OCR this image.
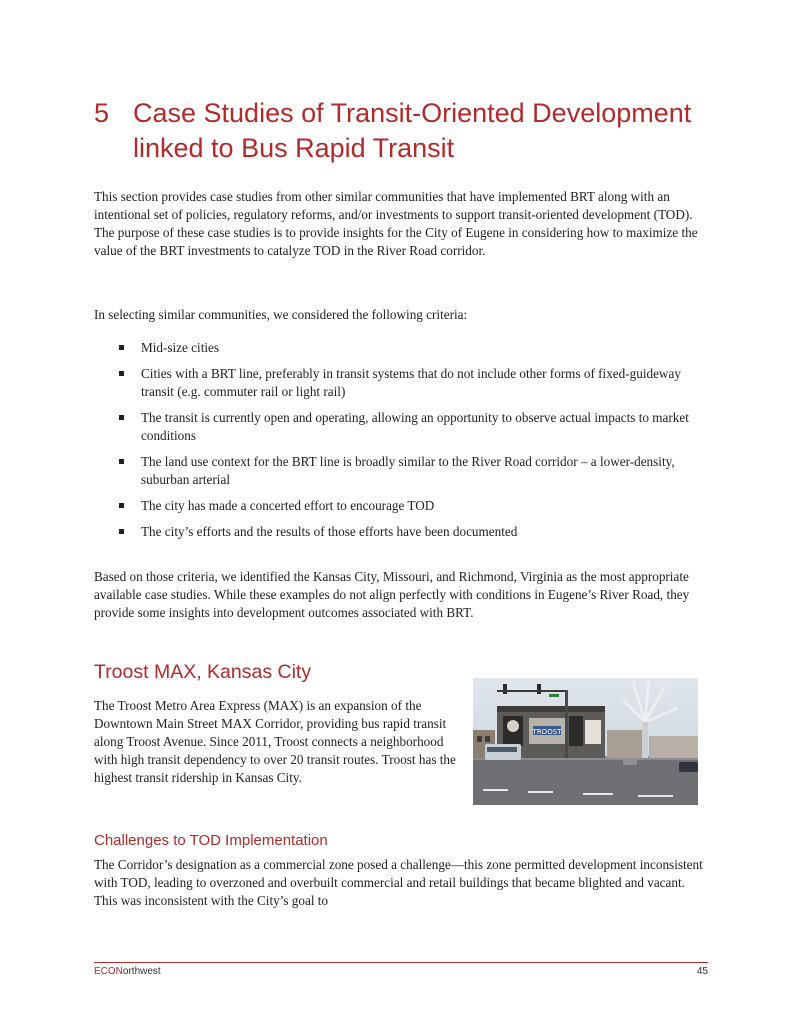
5 Case Studies of Transit-Oriented Development linked to Bus Rapid Transit

This section provides case studies from other similar communities that have implemented BRT along with an intentional set of policies, regulatory reforms, and/or investments to support transit-oriented development (TOD). The purpose of these case studies is to provide insights for the City of Eugene in considering how to maximize the value of the BRT investments to catalyze TOD in the River Road corridor.

In selecting similar communities, we considered the following criteria:

Mid-size cities
Cities with a BRT line, preferably in transit systems that do not include other forms of fixed-guideway transit (e.g. commuter rail or light rail)
The transit is currently open and operating, allowing an opportunity to observe actual impacts to market conditions
The land use context for the BRT line is broadly similar to the River Road corridor – a lower-density, suburban arterial
The city has made a concerted effort to encourage TOD
The city’s efforts and the results of those efforts have been documented

Based on those criteria, we identified the Kansas City, Missouri, and Richmond, Virginia as the most appropriate available case studies. While these examples do not align perfectly with conditions in Eugene’s River Road, they provide some insights into development outcomes associated with BRT.

Troost MAX, Kansas City

The Troost Metro Area Express (MAX) is an expansion of the Downtown Main Street MAX Corridor, providing bus rapid transit along Troost Avenue. Since 2011, Troost connects a neighborhood with high transit dependency to over 20 transit routes. Troost has the highest transit ridership in Kansas City.

TROOST
Challenges to TOD Implementation

The Corridor’s designation as a commercial zone posed a challenge—this zone permitted development inconsistent with TOD, leading to overzoned and overbuilt commercial and retail buildings that became blighted and vacant. This was inconsistent with the City’s goal to

ECONorthwest	45
